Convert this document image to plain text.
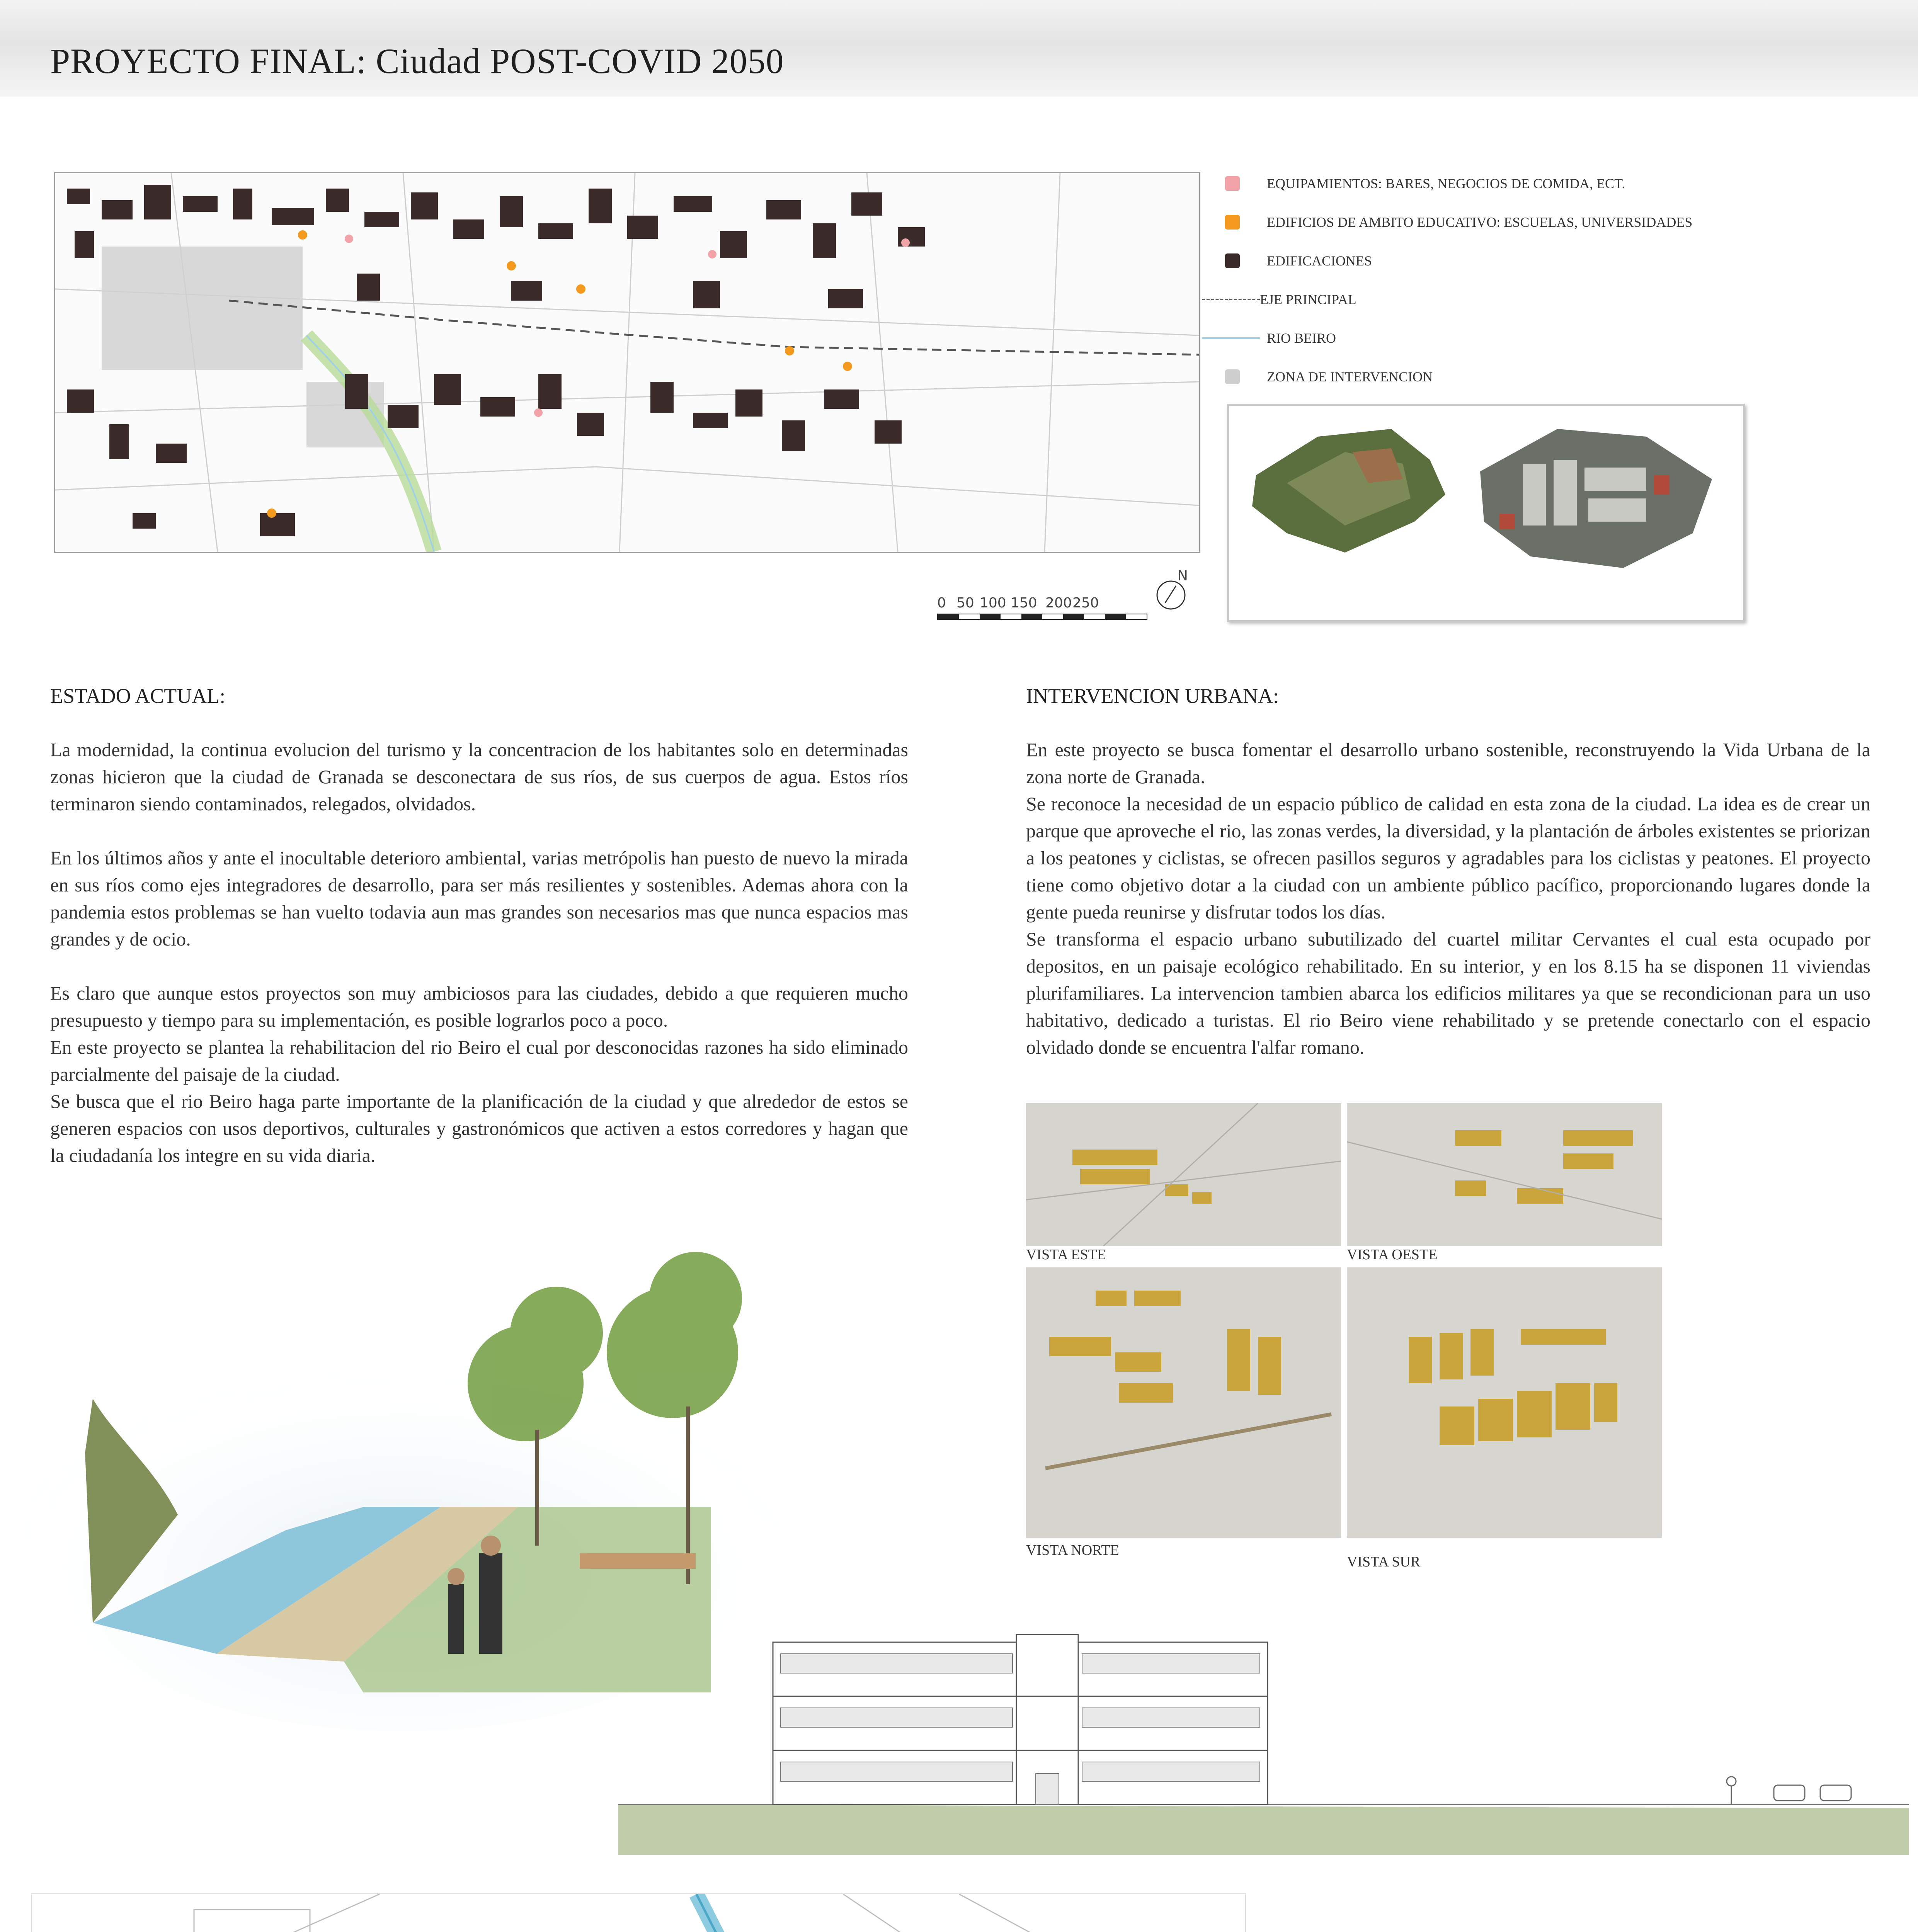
PROYECTO FINAL: Ciudad POST-COVID 2050
EQUIPAMIENTOS: BARES, NEGOCIOS DE COMIDA, ECT.
EDIFICIOS DE AMBITO EDUCATIVO: ESCUELAS, UNIVERSIDADES
EDIFICACIONES
EJE PRINCIPAL
RIO BEIRO
ZONA DE INTERVENCION
0 50 100 150 200 250
N
ESTADO ACTUAL:

La modernidad, la continua evolucion del turismo y la concentracion de los habitantes solo en determinadas zonas hicieron que la ciudad de Granada se desconectara de sus ríos, de sus cuerpos de agua. Estos ríos terminaron siendo contaminados, relegados, olvidados.

En los últimos años y ante el inocultable deterioro ambiental, varias metrópolis han puesto de nuevo la mirada en sus ríos como ejes integradores de desarrollo, para ser más resilientes y sostenibles. Ademas ahora con la pandemia estos problemas se han vuelto todavia aun mas grandes son necesarios mas que nunca espacios mas grandes y de ocio.

Es claro que aunque estos proyectos son muy ambiciosos para las ciudades, debido a que requieren mucho presupuesto y tiempo para su implementación, es posible lograrlos poco a poco.

En este proyecto se plantea la rehabilitacion del rio Beiro el cual por desconocidas razones ha sido eliminado parcialmente del paisaje de la ciudad.

Se busca que el rio Beiro haga parte importante de la planificación de la ciudad y que alrededor de estos se generen espacios con usos deportivos, culturales y gastronómicos que activen a estos corredores y hagan que la ciudadanía los integre en su vida diaria.

INTERVENCION URBANA:

En este proyecto se busca fomentar el desarrollo urbano sostenible, reconstruyendo la Vida Urbana de la zona norte de Granada.

Se reconoce la necesidad de un espacio público de calidad en esta zona de la ciudad. La idea es de crear un parque que aproveche el rio, las zonas verdes, la diversidad, y la plantación de árboles existentes se priorizan a los peatones y ciclistas, se ofrecen pasillos seguros y agradables para los ciclistas y peatones. El proyecto tiene como objetivo dotar a la ciudad con un ambiente público pacífico, proporcionando lugares donde la gente pueda reunirse y disfrutar todos los días.

Se transforma el espacio urbano subutilizado del cuartel militar Cervantes el cual esta ocupado por depositos, en un paisaje ecológico rehabilitado. En su interior, y en los 8.15 ha se disponen 11 viviendas plurifamiliares. La intervencion tambien abarca los edificios militares ya que se recondicionan para un uso habitativo, dedicado a turistas. El rio Beiro viene rehabilitado y se pretende conectarlo con el espacio olvidado donde se encuentra l'alfar romano.

VISTA ESTE	VISTA OESTE
VISTA NORTE
VISTA SUR
